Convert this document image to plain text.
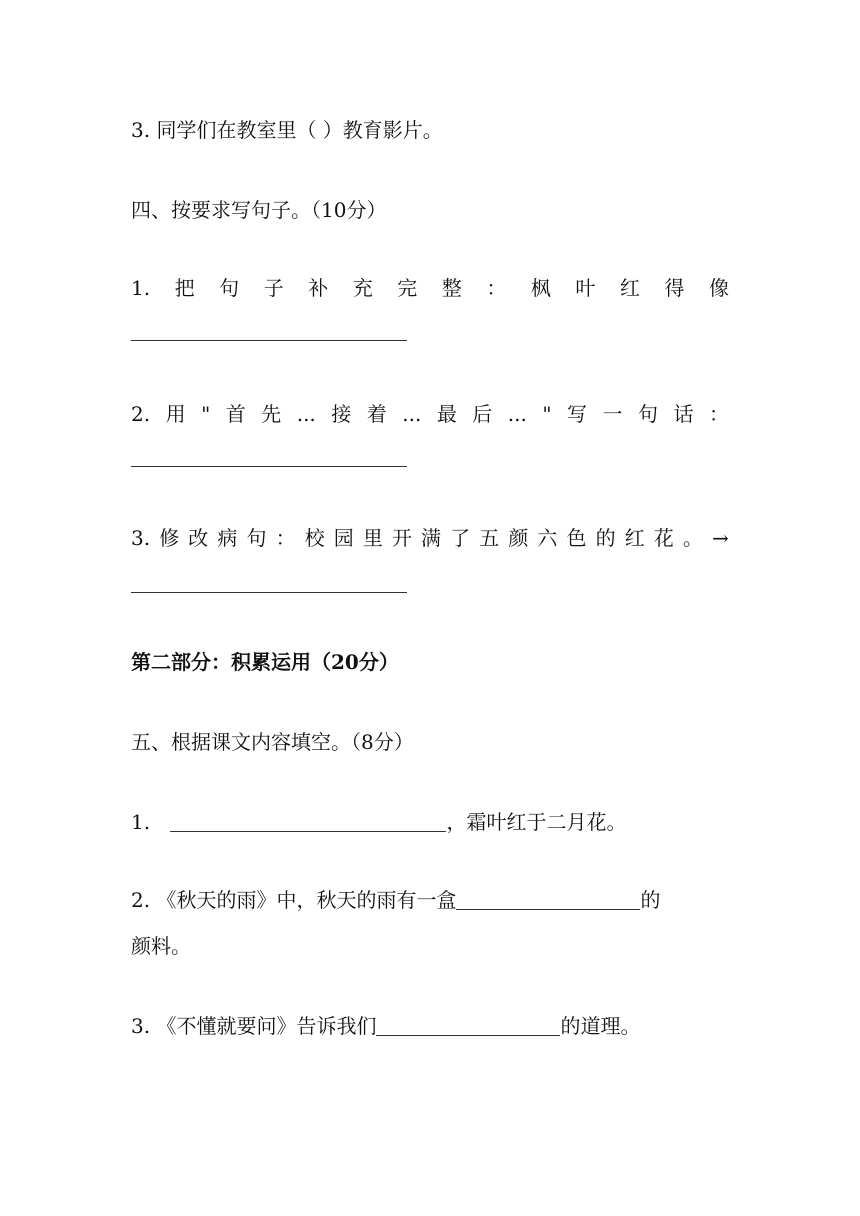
3. 同学们在教室里（ ）教育影片。
四、按要求写句子。（10分）
1. 把 句 子 补 充 完 整 ： 枫 叶 红 得 像
2. 用 " 首 先 ... 接 着 ... 最 后 ... " 写 一 句 话 ：
3. 修 改 病 句 ： 校 园 里 开 满 了 五 颜 六 色 的 红 花 。 →
第二部分：积累运用（20分）
五、根据课文内容填空。（8分）
1.	，霜叶红于二月花。
2. 《秋天的雨》中，秋天的雨有一盒	的
颜料。
3. 《不懂就要问》告诉我们	的道理。
